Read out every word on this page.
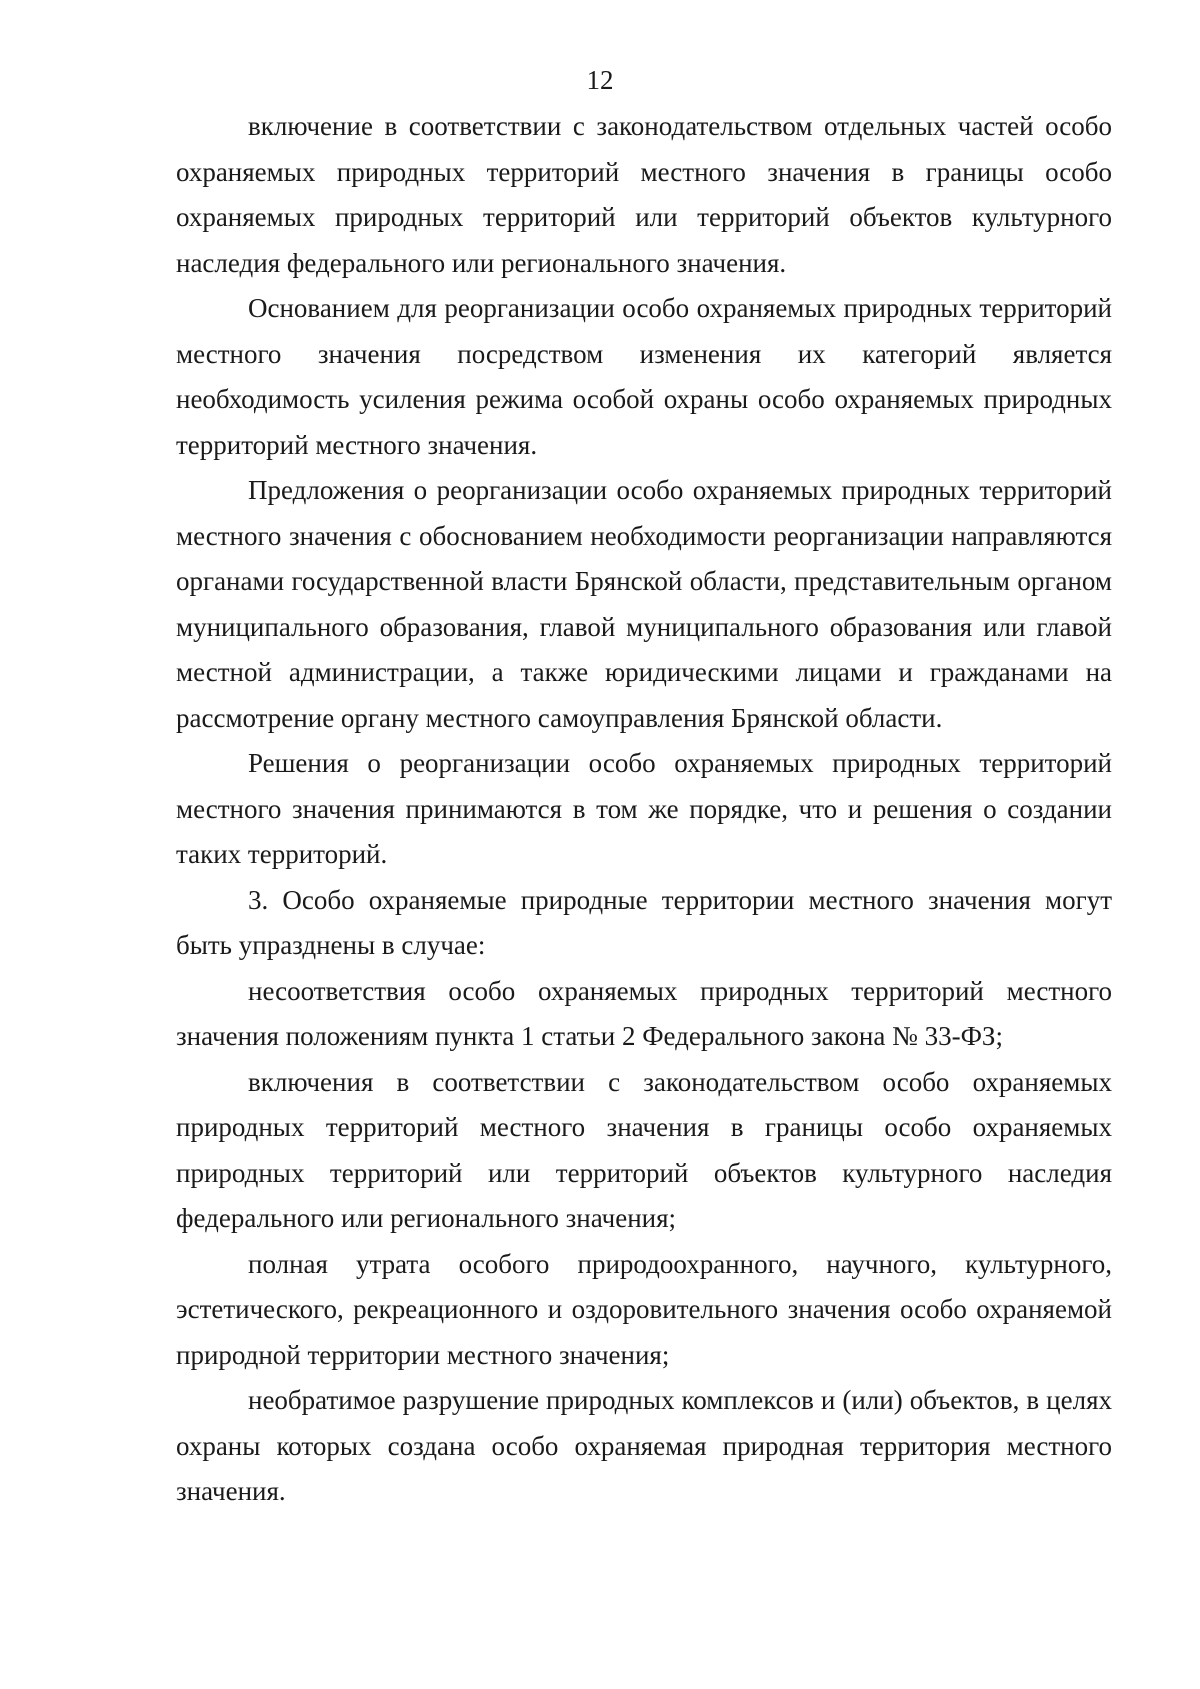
12

включение в соответствии с законодательством отдельных частей особо охраняемых природных территорий местного значения в границы особо охраняемых природных территорий или территорий объектов культурного наследия федерального или регионального значения.

Основанием для реорганизации особо охраняемых природных территорий местного значения посредством изменения их категорий является необходимость усиления режима особой охраны особо охраняемых природных территорий местного значения.

Предложения о реорганизации особо охраняемых природных территорий местного значения с обоснованием необходимости реорганизации направляются органами государственной власти Брянской области, представительным органом муниципального образования, главой муниципального образования или главой местной администрации, а также юридическими лицами и гражданами на рассмотрение органу местного самоуправления Брянской области.

Решения о реорганизации особо охраняемых природных территорий местного значения принимаются в том же порядке, что и решения о создании таких территорий.

3. Особо охраняемые природные территории местного значения могут быть упразднены в случае:

несоответствия особо охраняемых природных территорий местного значения положениям пункта 1 статьи 2 Федерального закона № 33-ФЗ;

включения в соответствии с законодательством особо охраняемых природных территорий местного значения в границы особо охраняемых природных территорий или территорий объектов культурного наследия федерального или регионального значения;

полная утрата особого природоохранного, научного, культурного, эстетического, рекреационного и оздоровительного значения особо охраняемой природной территории местного значения;

необратимое разрушение природных комплексов и (или) объектов, в целях охраны которых создана особо охраняемая природная территория местного значения.
